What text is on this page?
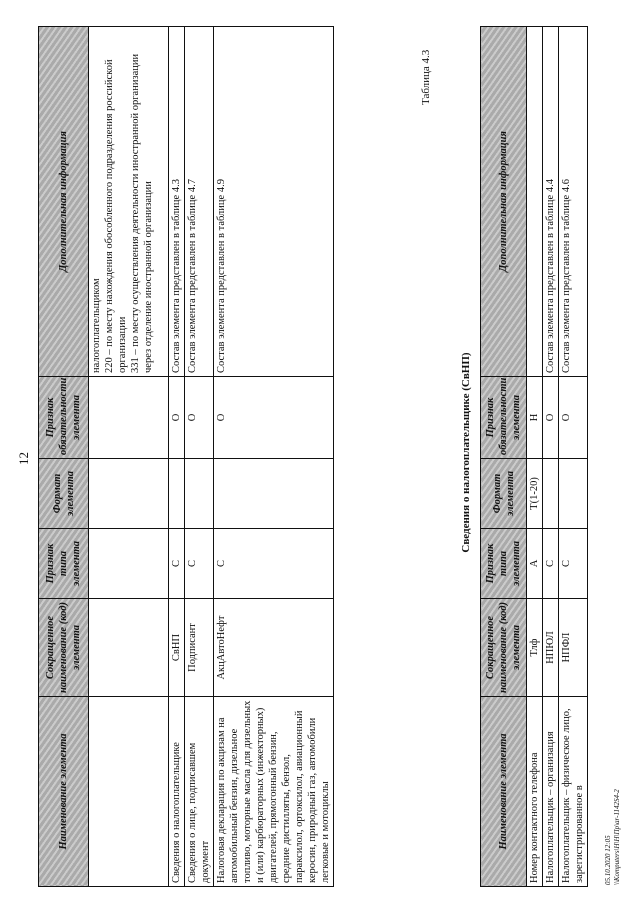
12
Наименование элемента	Сокращенное наименование (код) элемента	Признак типа элемента	Формат элемента	Признак обязательности элемента	Дополнительная информация

					налогоплательщиком 220 – по месту нахождения обособленного подразделения российской организации 331 – по месту осуществления деятельности иностранной организации через отделение иностранной организации

Сведения о налогоплательщике	СвНП	С		О	Состав элемента представлен в таблице 4.3
Сведения о лице, подписавшем документ	Подписант	С		О	Состав элемента представлен в таблице 4.7
Налоговая декларация по акцизам на автомобильный бензин, дизельное топливо, моторные масла для дизельных и (или) карбюраторных (инжекторных) двигателей, прямогонный бензин, средние дистилляты, бензол, параксилол, ортоксилол, авиационный керосин, природный газ, автомобили легковые и мотоциклы	АкцАвтоНефт	С		О	Состав элемента представлен в таблице 4.9
Таблица 4.3
Сведения о налогоплательщике (СвНП)
Наименование элемента	Сокращенное наименование (код) элемента	Признак типа элемента	Формат элемента	Признак обязательности элемента	Дополнительная информация
Номер контактного телефона	Тлф	А	T(1-20)	Н	
Налогоплательщик – организация	НПЮЛ	С		О	Состав элемента представлен в таблице 4.4
Налогоплательщик – физическое лицо, зарегистрированное в	НПФЛ	С		О	Состав элемента представлен в таблице 4.6
05.10.2020 12:05 \\Komputers\Н\Н\Пр\ar-1142S4-2
